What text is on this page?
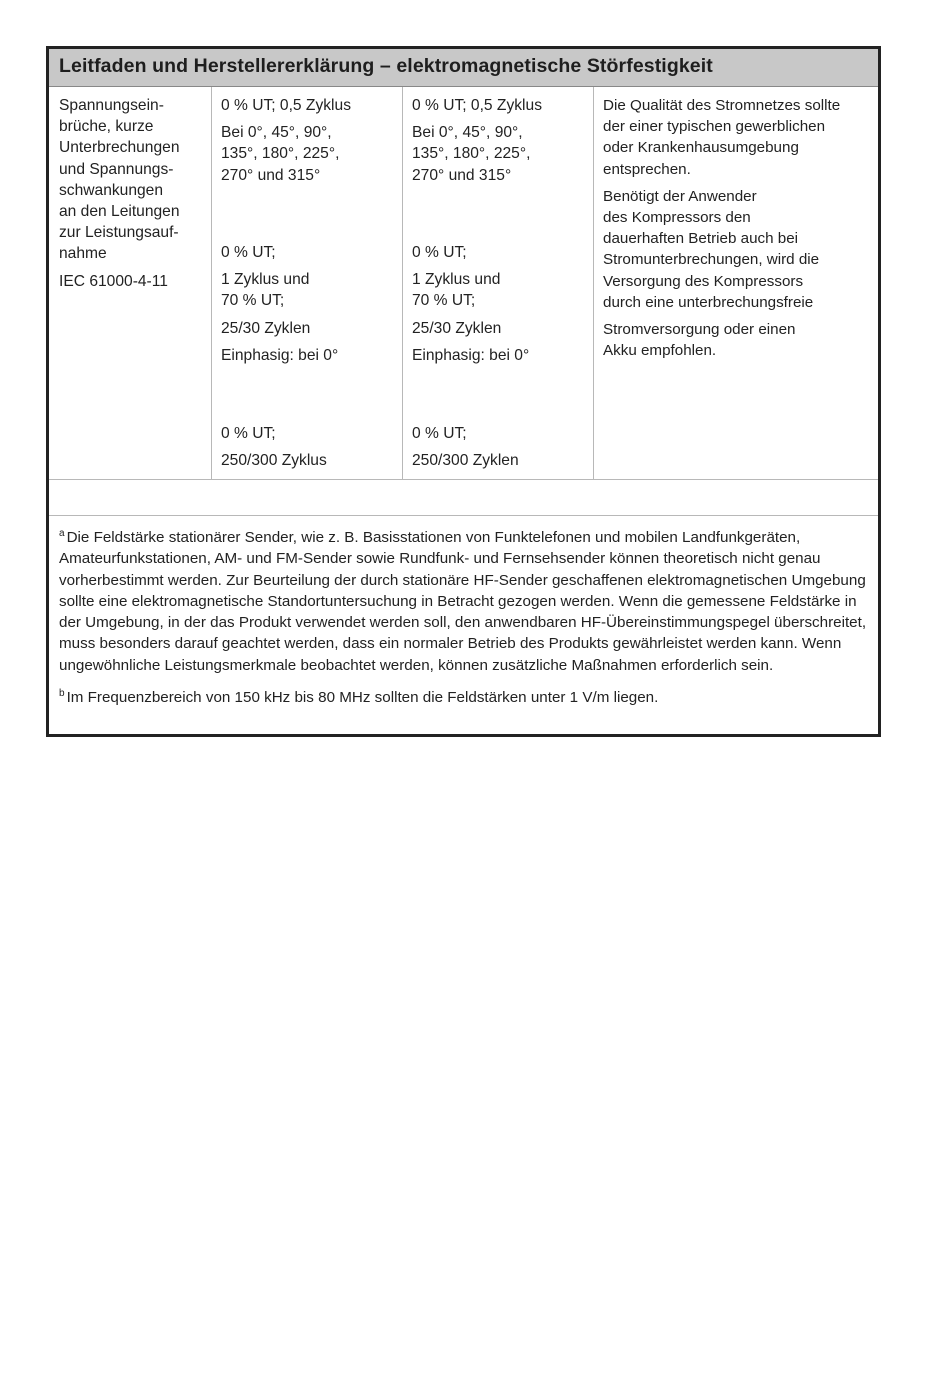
Leitfaden und Herstellererklärung – elektromagnetische Störfestigkeit
Spannungsein-
brüche, kurze
Unterbrechungen
und Spannungs-
schwankungen
an den Leitungen
zur Leistungsauf-
nahme
IEC 61000-4-11

0 % UT; 0,5 Zyklus

Bei 0°, 45°, 90°,
135°, 180°, 225°,
270° und 315°

0 % UT;

1 Zyklus und

70 % UT;

25/30 Zyklen

Einphasig: bei 0°

0 % UT;

250/300 Zyklus

0 % UT; 0,5 Zyklus

Bei 0°, 45°, 90°,
135°, 180°, 225°,
270° und 315°

0 % UT;

1 Zyklus und

70 % UT;

25/30 Zyklen

Einphasig: bei 0°

0 % UT;

250/300 Zyklen
Die Qualität des Stromnetzes sollte
der einer typischen gewerblichen
oder Krankenhausumgebung

entsprechen.

Benötigt der Anwender
des Kompressors den
dauerhaften Betrieb auch bei
Stromunterbrechungen, wird die
Versorgung des Kompressors

durch eine unterbrechungsfreie

Stromversorgung oder einen
Akku empfohlen.

$^a$ Die Feldstärke stationärer Sender, wie z. B. Basisstationen von Funktelefonen und mobilen Landfunkgeräten, Amateurfunkstationen, AM- und FM-Sender sowie Rundfunk- und Fernsehsender können theoretisch nicht genau vorherbestimmt werden. Zur Beurteilung der durch stationäre HF-Sender geschaffenen elektromagnetischen Umgebung sollte eine elektromagnetische Standortuntersuchung in Betracht gezogen werden. Wenn die gemessene Feldstärke in der Umgebung, in der das Produkt verwendet werden soll, den anwendbaren HF-Übereinstimmungspegel überschreitet, muss besonders darauf geachtet werden, dass ein normaler Betrieb des Produkts gewährleistet werden kann. Wenn ungewöhnliche Leistungsmerkmale beobachtet werden, können zusätzliche Maßnahmen erforderlich sein.

$^b$ Im Frequenzbereich von 150 kHz bis 80 MHz sollten die Feldstärken unter 1 V/m liegen.
